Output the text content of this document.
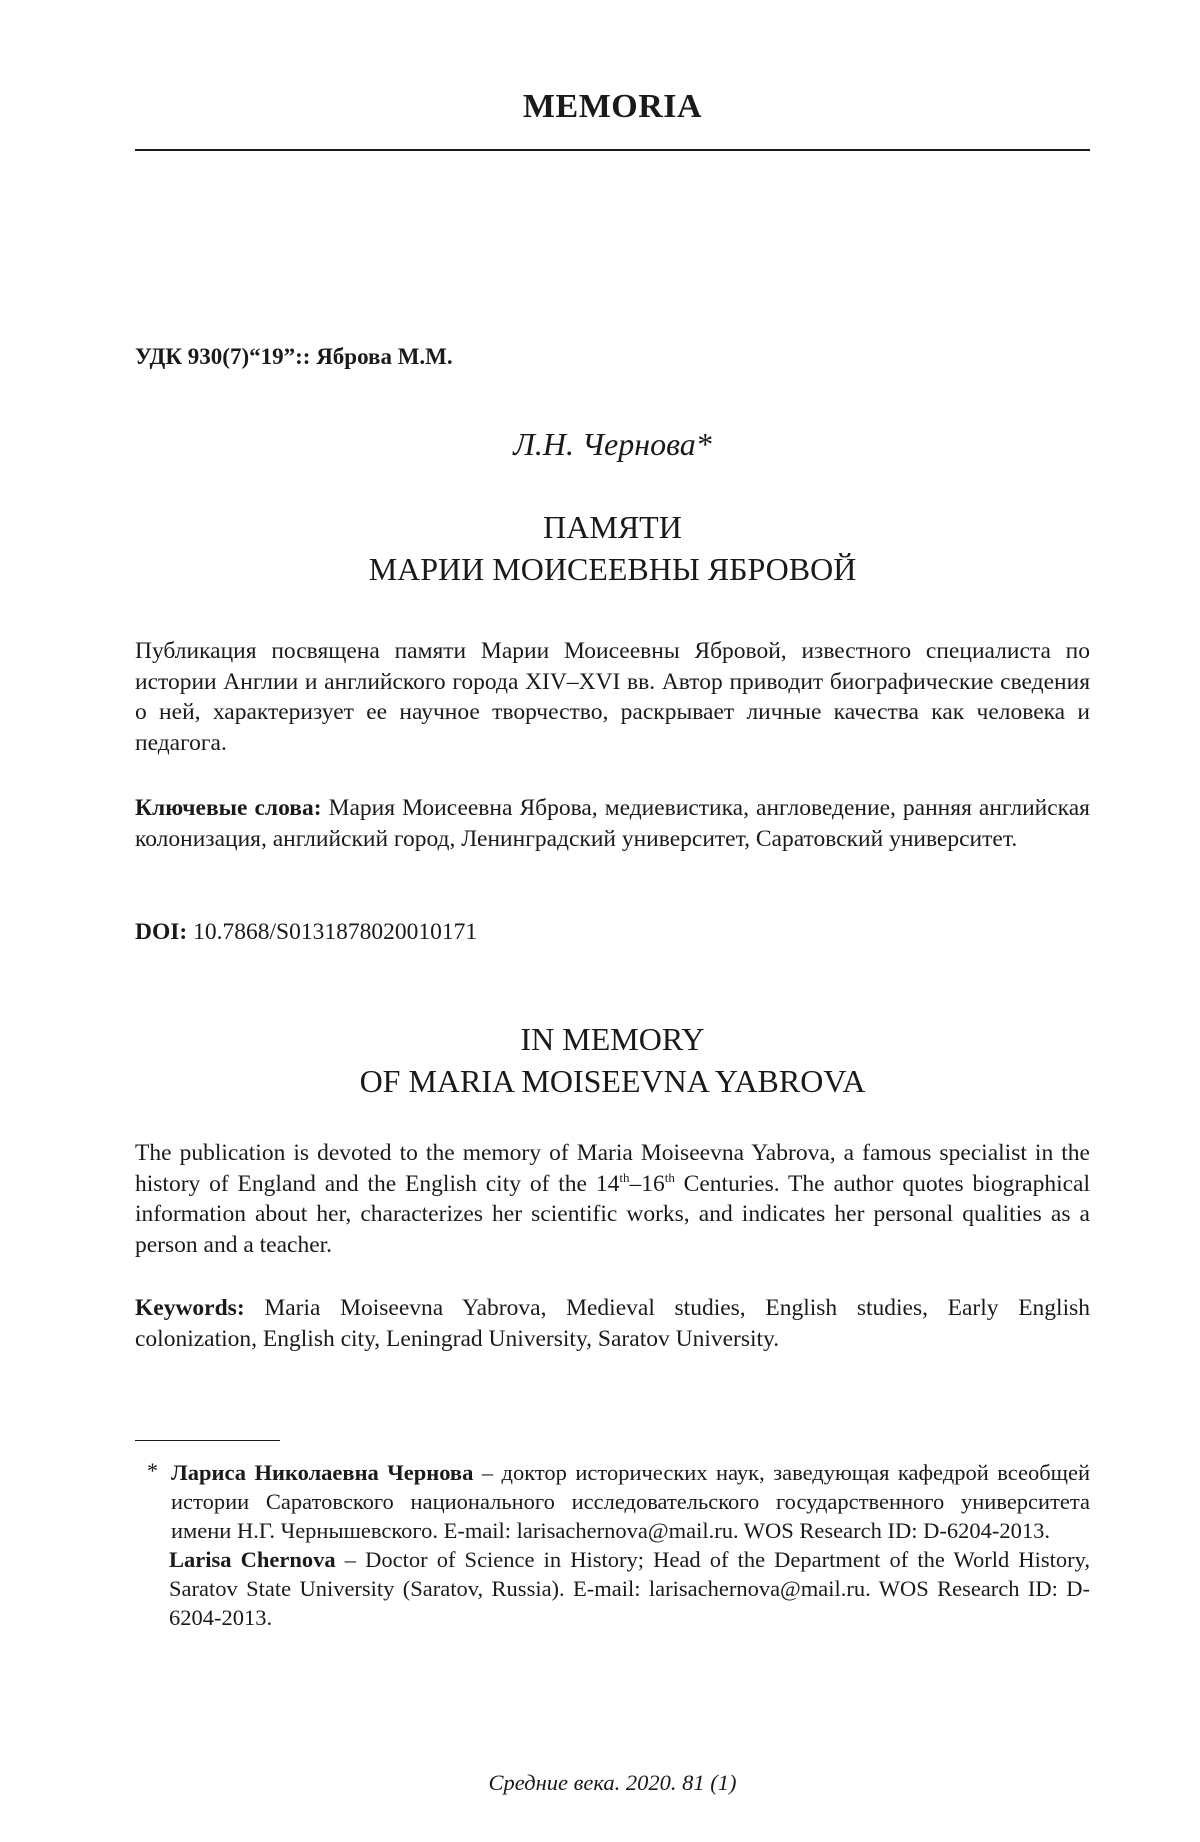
MEMORIA
УДК 930(7)“19”:: Яброва М.М.
Л.Н. Чернова*
ПАМЯТИ
МАРИИ МОИСЕЕВНЫ ЯБРОВОЙ

Публикация посвящена памяти Марии Моисеевны Ябровой, известного специалиста по истории Англии и английского города XIV–XVI вв. Автор приводит биографические сведения о ней, характеризует ее научное творчество, раскрывает личные качества как человека и педагога.

Ключевые слова: Мария Моисеевна Яброва, медиевистика, англоведение, ранняя английская колонизация, английский город, Ленинградский университет, Саратовский университет.

DOI: 10.7868/S0131878020010171
IN MEMORY
OF MARIA MOISEEVNA YABROVA

The publication is devoted to the memory of Maria Moiseevna Yabrova, a famous specialist in the history of England and the English city of the 14th–16th Centuries. The author quotes biographical information about her, characterizes her scientific works, and indicates her personal qualities as a person and a teacher.

Keywords: Maria Moiseevna Yabrova, Medieval studies, English studies, Early English colonization, English city, Leningrad University, Saratov University.

* Лариса Николаевна Чернова – доктор исторических наук, заведующая кафедрой всеобщей истории Саратовского национального исследовательского государственного университета имени Н.Г. Чернышевского. E-mail: larisachernova@mail.ru. WOS Research ID: D-6204-2013.
Larisa Chernova – Doctor of Science in History; Head of the Department of the World History, Saratov State University (Saratov, Russia). E-mail: larisachernova@mail.ru. WOS Research ID: D-6204-2013.
Средние века. 2020. 81 (1)
